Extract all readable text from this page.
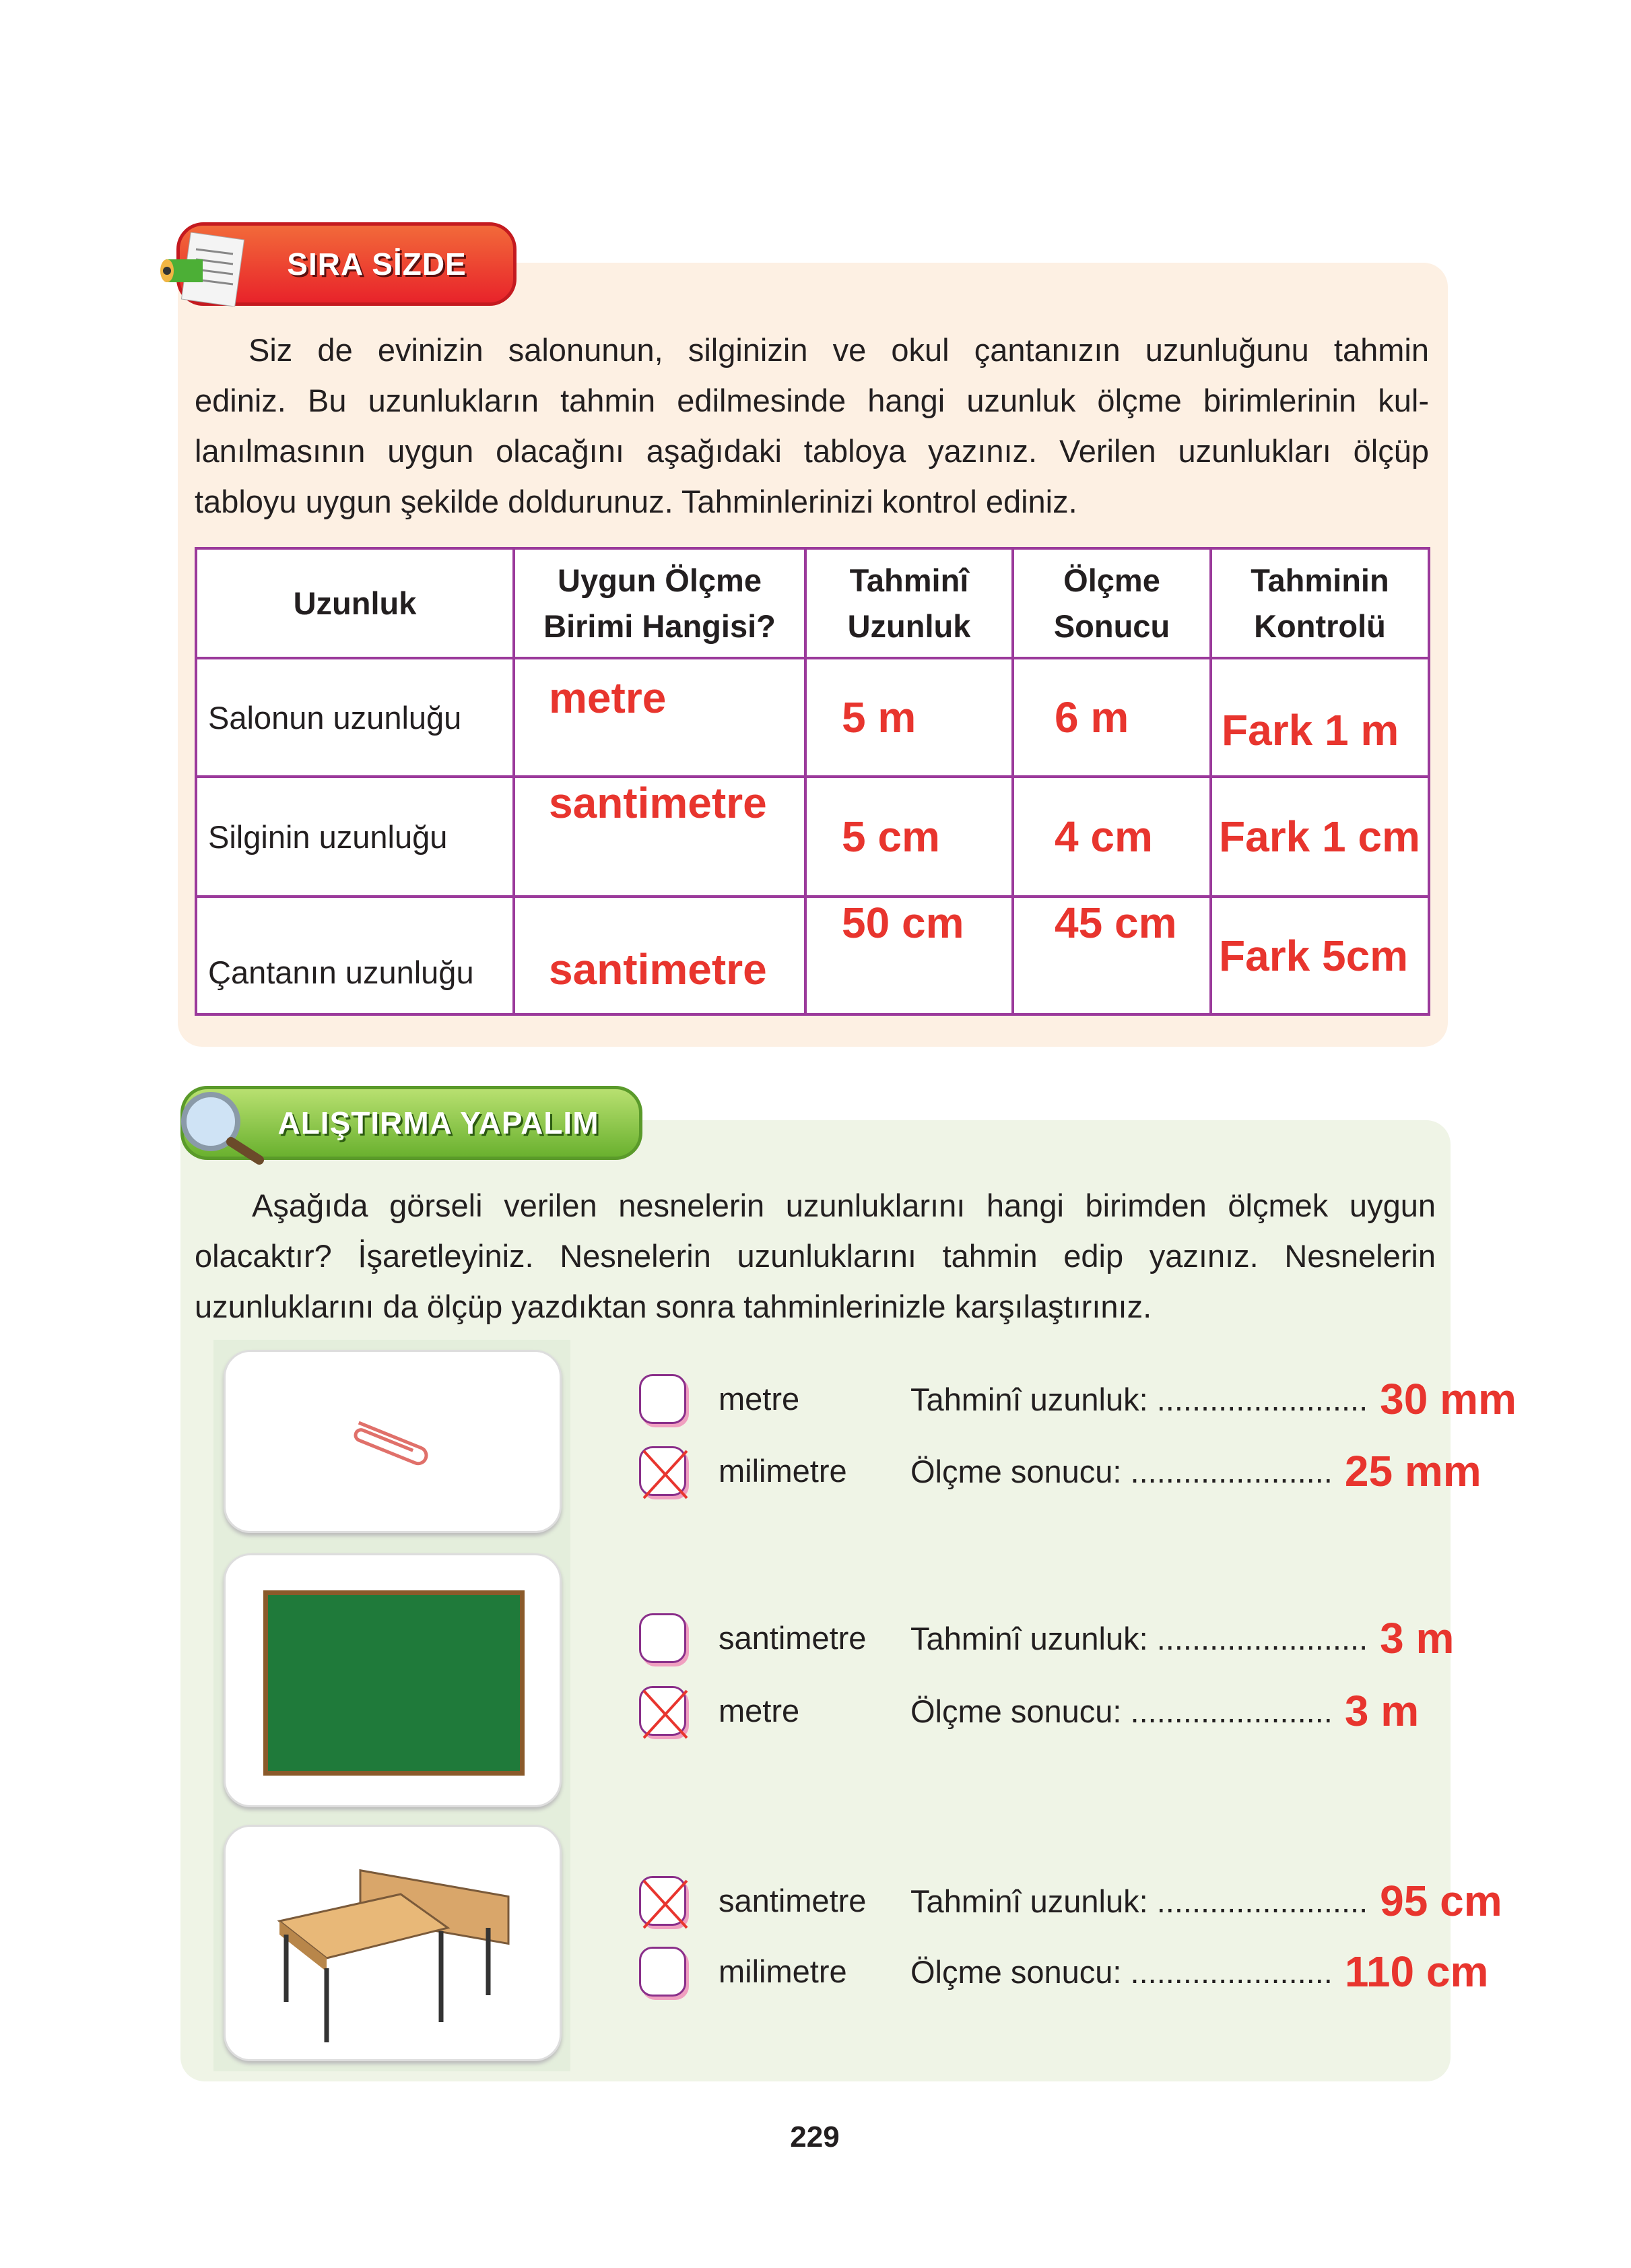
SIRA SİZDE
Siz de evinizin salonunun, silginizin ve okul çantanızın uzunluğunu tahmin
ediniz. Bu uzunlukların tahmin edilmesinde hangi uzunluk ölçme birimlerinin kul-
lanılmasının uygun olacağını aşağıdaki tabloya yazınız. Verilen uzunlukları ölçüp
tabloyu uygun şekilde doldurunuz. Tahminlerinizi kontrol ediniz.
Uzunluk	Uygun Ölçme Birimi Hangisi?	Tahminî Uzunluk	Ölçme Sonucu	Tahminin Kontrolü
Salonun uzunluğu	metre	5 m	6 m	Fark 1 m
Silginin uzunluğu	santimetre	5 cm	4 cm	Fark 1 cm
Çantanın uzunluğu	santimetre	50 cm	45 cm	Fark 5cm
ALIŞTIRMA YAPALIM
Aşağıda görseli verilen nesnelerin uzunluklarını hangi birimden ölçmek uygun
olacaktır? İşaretleyiniz. Nesnelerin uzunluklarını tahmin edip yazınız. Nesnelerin
uzunluklarını da ölçüp yazdıktan sonra tahminlerinizle karşılaştırınız.
metre	Tahminî uzunluk: ........................ 30 mm
milimetre Ölçme sonucu: ....................... 25 mm
santimetre Tahminî uzunluk: ........................ 3 m
metre	Ölçme sonucu: ....................... 3 m
santimetre Tahminî uzunluk: ........................ 95 cm
milimetre Ölçme sonucu: ....................... 110 cm
229
